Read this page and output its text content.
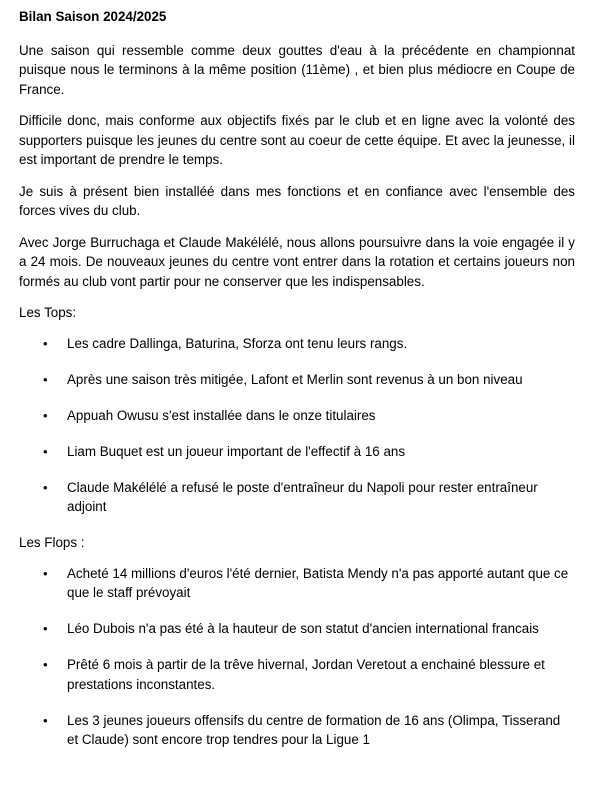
Bilan Saison 2024/2025

Une saison qui ressemble comme deux gouttes d'eau à la précédente en championnat puisque nous le terminons à la même position (11ème) , et bien plus médiocre en Coupe de France.

Difficile donc, mais conforme aux objectifs fixés par le club et en ligne avec la volonté des supporters puisque les jeunes du centre sont au coeur de cette équipe. Et avec la jeunesse, il est important de prendre le temps.

Je suis à présent bien installéé dans mes fonctions et en confiance avec l'ensemble des forces vives du club.

Avec Jorge Burruchaga et Claude Makélélé, nous allons poursuivre dans la voie engagée il y a 24 mois. De nouveaux jeunes du centre vont entrer dans la rotation et certains joueurs non formés au club vont partir pour ne conserver que les indispensables.

Les Tops:
• Les cadre Dallinga, Baturina, Sforza ont tenu leurs rangs.
• Après une saison très mitigée, Lafont et Merlin sont revenus à un bon niveau
• Appuah Owusu s'est installée dans le onze titulaires
• Liam Buquet est un joueur important de l'effectif à 16 ans
• Claude Makélélé a refusé le poste d'entraîneur du Napoli pour rester entraîneur adjoint
Les Flops :
• Acheté 14 millions d'euros l'été dernier, Batista Mendy n'a pas apporté autant que ce que le staff prévoyait
• Léo Dubois n'a pas été à la hauteur de son statut d'ancien international francais
• Prêté 6 mois à partir de la trêve hivernal, Jordan Veretout a enchainé blessure et prestations inconstantes.
• Les 3 jeunes joueurs offensifs du centre de formation de 16 ans (Olimpa, Tisserand et Claude) sont encore trop tendres pour la Ligue 1
